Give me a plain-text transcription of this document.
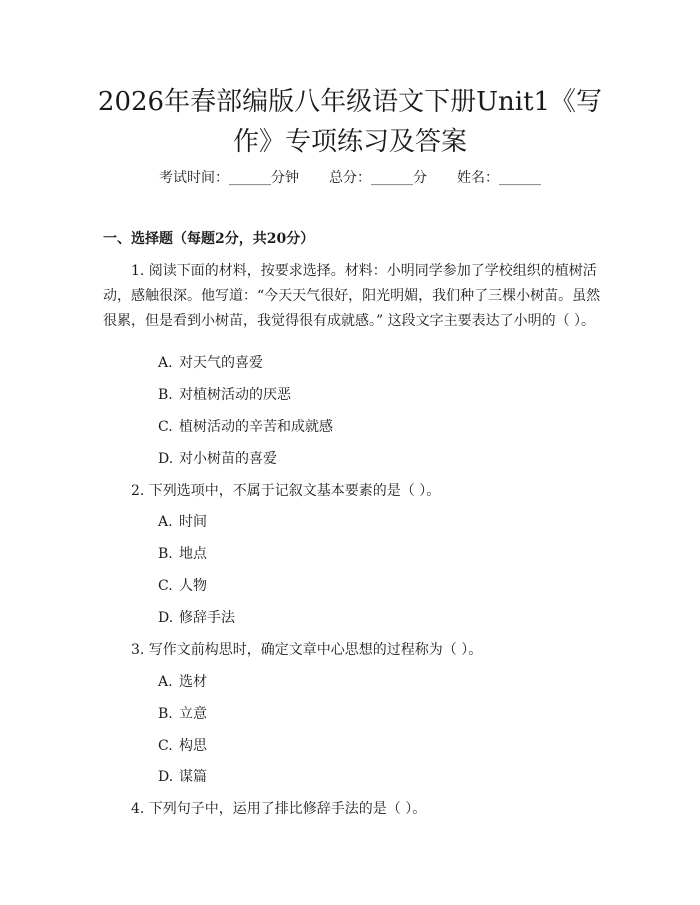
2026年春部编版八年级语文下册Unit1《写作》专项练习及答案
考试时间：______分钟 总分：______分 姓名：______
一、选择题（每题2分，共20分）

1. 阅读下面的材料，按要求选择。材料：小明同学参加了学校组织的植树活动，感触很深。他写道：“今天天气很好，阳光明媚，我们种了三棵小树苗。虽然很累，但是看到小树苗，我觉得很有成就感。” 这段文字主要表达了小明的（ ）。

A. 对天气的喜爱

B. 对植树活动的厌恶

C. 植树活动的辛苦和成就感

D. 对小树苗的喜爱

2. 下列选项中，不属于记叙文基本要素的是（ ）。

A. 时间

B. 地点

C. 人物

D. 修辞手法

3. 写作文前构思时，确定文章中心思想的过程称为（ ）。

A. 选材

B. 立意

C. 构思

D. 谋篇

4. 下列句子中，运用了排比修辞手法的是（ ）。
